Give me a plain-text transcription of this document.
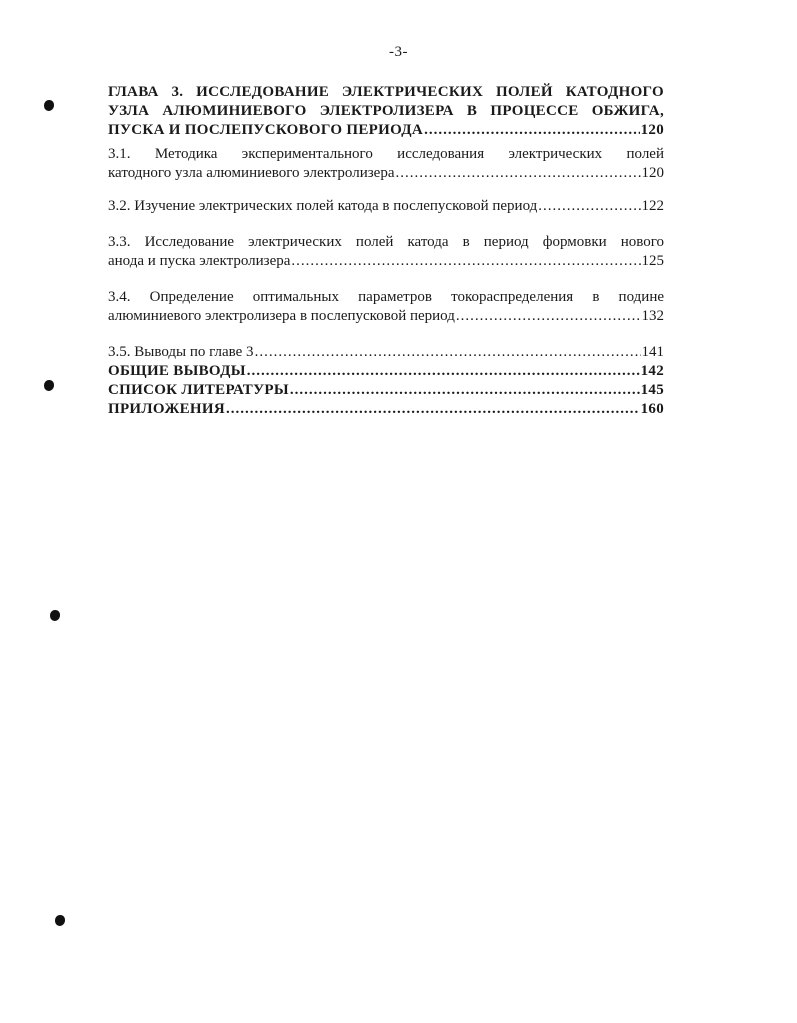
-3-
ГЛАВА 3. ИССЛЕДОВАНИЕ ЭЛЕКТРИЧЕСКИХ ПОЛЕЙ КАТОДНОГО
УЗЛА АЛЮМИНИЕВОГО ЭЛЕКТРОЛИЗЕРА В ПРОЦЕССЕ ОБЖИГА,
ПУСКА И ПОСЛЕПУСКОВОГО ПЕРИОДА .....	120
3.1. Методика экспериментального исследования электрических полей
катодного узла алюминиевого электролизера .....	120
3.2. Изучение электрических полей катода в послепусковой период .....	122
3.3. Исследование электрических полей катода в период формовки нового
анода и пуска электролизера .....	125
3.4. Определение оптимальных параметров токораспределения в подине
алюминиевого электролизера в послепусковой период .....	132
3.5. Выводы по главе 3 .....	141
ОБЩИЕ ВЫВОДЫ .....	142
СПИСОК ЛИТЕРАТУРЫ .....	145
ПРИЛОЖЕНИЯ .....	160
